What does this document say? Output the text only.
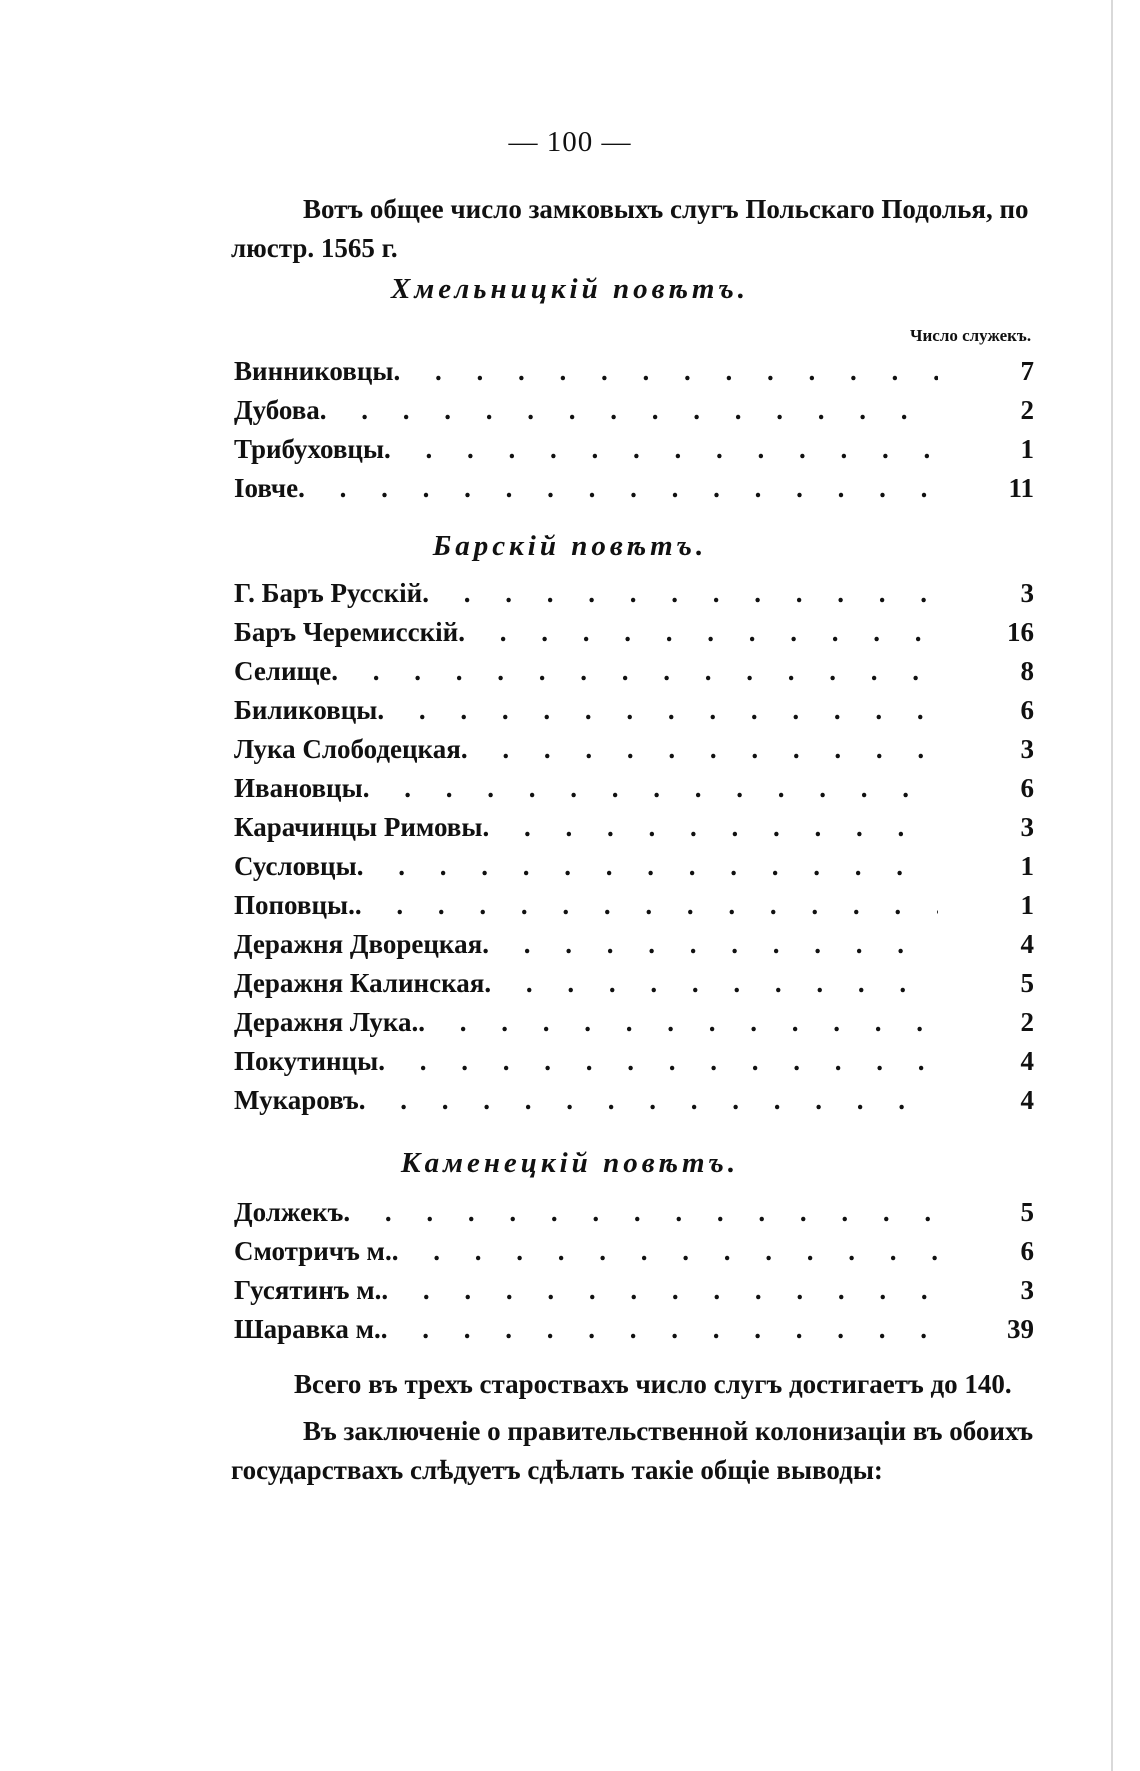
— 100 —
Вотъ общее число замковыхъ слугъ Польскаго Подолья, по
люстр. 1565 г.
Хмельницкій повѣтъ.
Число служекъ.
Винниковцы . . .	7
Дубова . . .	2
Трибуховцы . . .	1
Іовче . . .	11
Барскій повѣтъ.
Г. Баръ Русскій . . .	3
Баръ Черемисскій . . .	16
Селище . . .	8
Биликовцы . . .	6
Лука Слободецкая . . .	3
Ивановцы . . .	6
Карачинцы Римовы . . .	3
Сусловцы . . .	1
Поповцы. . . .	1
Деражня Дворецкая . . .	4
Деражня Калинская . . .	5
Деражня Лука. . . .	2
Покутинцы . . .	4
Мукаровъ . . .	4
Каменецкій повѣтъ.
Должекъ . . .	5
Смотричъ м. . . .	6
Гусятинъ м. . . .	3
Шаравка м. . . .	39
Всего въ трехъ староствахъ число слугъ достигаетъ до 140.
Въ заключеніе о правительственной колонизаціи въ обоихъ
государствахъ слѣдуетъ сдѣлать такіе общіе выводы:
